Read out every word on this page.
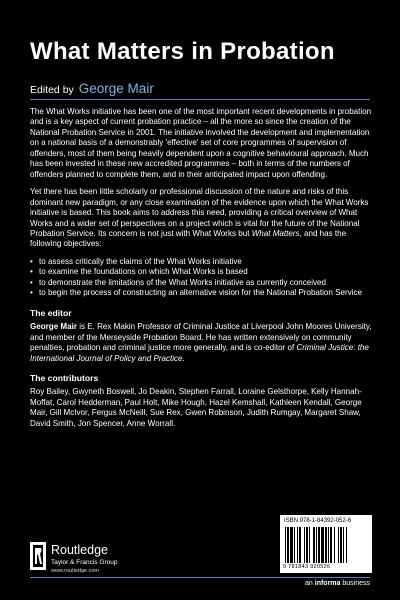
What Matters in Probation
Edited by George Mair

The What Works initiative has been one of the most important recent developments in probation and is a key aspect of current probation practice – all the more so since the creation of the National Probation Service in 2001. The initiative involved the development and implementation on a national basis of a demonstrably 'effective' set of core programmes of supervision of offenders, most of them being heavily dependent upon a cognitive behavioural approach. Much has been invested in these new accredited programmes – both in terms of the numbers of offenders planned to complete them, and in their anticipated impact upon offending.

Yet there has been little scholarly or professional discussion of the nature and risks of this dominant new paradigm, or any close examination of the evidence upon which the What Works initiative is based. This book aims to address this need, providing a critical overview of What Works and a wider set of perspectives on a project which is vital for the future of the National Probation Service. Its concern is not just with What Works but What Matters, and has the following objectives:

• to assess critically the claims of the What Works initiative
• to examine the foundations on which What Works is based
• to demonstrate the limitations of the What Works initiative as currently conceived
• to begin the process of constructing an alternative vision for the National Probation Service
The editor

George Mair is E. Rex Makin Professor of Criminal Justice at Liverpool John Moores University, and member of the Merseyside Probation Board. He has written extensively on community penalties, probation and criminal justice more generally, and is co-editor of Criminal Justice: the International Journal of Policy and Practice.

The contributors

Roy Bailey, Gwyneth Boswell, Jo Deakin, Stephen Farrall, Loraine Gelsthorpe, Kelly Hannah-Moffat, Carol Hedderman, Paul Holt, Mike Hough, Hazel Kemshall, Kathleen Kendall, George Mair, Gill McIvor, Fergus McNeill, Sue Rex, Gwen Robinson, Judith Rumgay, Margaret Shaw, David Smith, Jon Spencer, Anne Worrall.

Routledge
Taylor & Francis Group
www.routledge.com
ISBN 978-1-84392-052-6
9 781843 920526
an informa business
